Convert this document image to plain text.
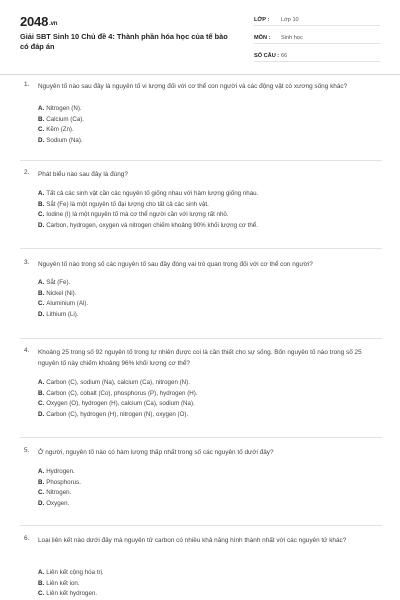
2048.vn
Giải SBT Sinh 10 Chủ đề 4: Thành phần hóa học của tế bào có đáp án
LỚP :	Lớp 10
MÔN :	Sinh học
SỐ CÂU : 66
1. Nguyên tố nào sau đây là nguyên tố vi lượng đối với cơ thể con người và các động vật có xương sống khác?
A. Nitrogen (N).
B. Calcium (Ca).
C. Kẽm (Zn).
D. Sodium (Na).
2. Phát biểu nào sau đây là đúng?
A. Tất cả các sinh vật cần các nguyên tố giống nhau với hàm lượng giống nhau.
B. Sắt (Fe) là một nguyên tố đại lượng cho tất cả các sinh vật.
C. Iodine (I) là một nguyên tố mà cơ thể người cần với lượng rất nhỏ.
D. Carbon, hydrogen, oxygen và nitrogen chiếm khoảng 90% khối lượng cơ thể.
3. Nguyên tố nào trong số các nguyên tố sau đây đóng vai trò quan trọng đối với cơ thể con người?
A. Sắt (Fe).
B. Nickel (Ni).
C. Aluminium (Al).
D. Lithium (Li).
4. Khoảng 25 trong số 92 nguyên tố trong tự nhiên được coi là cần thiết cho sự sống. Bốn nguyên tố nào trong số 25 nguyên tố này chiếm khoảng 96% khối lượng cơ thể?
A. Carbon (C), sodium (Na), calcium (Ca), nitrogen (N).
B. Carbon (C), cobalt (Co), phosphorus (P), hydrogen (H).
C. Oxygen (O), hydrogen (H), calcium (Ca), sodium (Na).
D. Carbon (C), hydrogen (H), nitrogen (N), oxygen (O).
5. Ở người, nguyên tố nào có hàm lượng thấp nhất trong số các nguyên tố dưới đây?
A. Hydrogen.
B. Phosphorus.
C. Nitrogen.
D. Oxygen.
6. Loại liên kết nào dưới đây mà nguyên tử carbon có nhiều khả năng hình thành nhất với các nguyên tử khác?
A. Liên kết cộng hóa trị.
B. Liên kết ion.
C. Liên kết hydrogen.
